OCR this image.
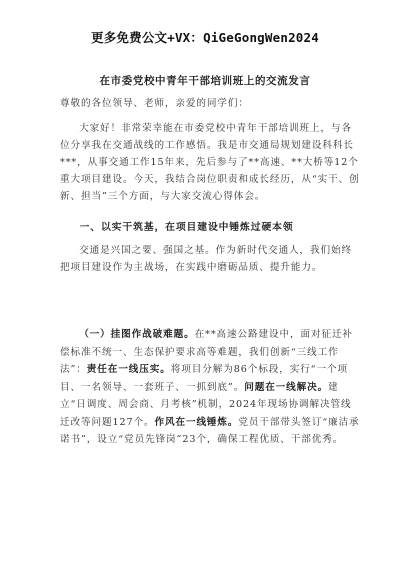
更多免费公文+VX：QiGeGongWen2024
在市委党校中青年干部培训班上的交流发言
尊敬的各位领导、老师，亲爱的同学们：
大家好！非常荣幸能在市委党校中青年干部培训班上，与各位分享我在交通战线的工作感悟。我是市交通局规划建设科科长***，从事交通工作15年来，先后参与了**高速、**大桥等12个重大项目建设。今天，我结合岗位职责和成长经历，从“实干、创新、担当”三个方面，与大家交流心得体会。
一、以实干筑基，在项目建设中锤炼过硬本领
交通是兴国之要、强国之基。作为新时代交通人，我们始终把项目建设作为主战场，在实践中磨砺品质、提升能力。
（一）挂图作战破难题。在**高速公路建设中，面对征迁补偿标准不统一、生态保护要求高等难题，我们创新“三线工作法”：责任在一线压实。将项目分解为86个标段，实行“一个项目、一名领导、一套班子、一抓到底”。问题在一线解决。建立“日调度、周会商、月考核”机制，2024年现场协调解决管线迁改等问题127个。作风在一线锤炼。党员干部带头签订“廉洁承诺书”，设立“党员先锋岗”23个，确保工程优质、干部优秀。
